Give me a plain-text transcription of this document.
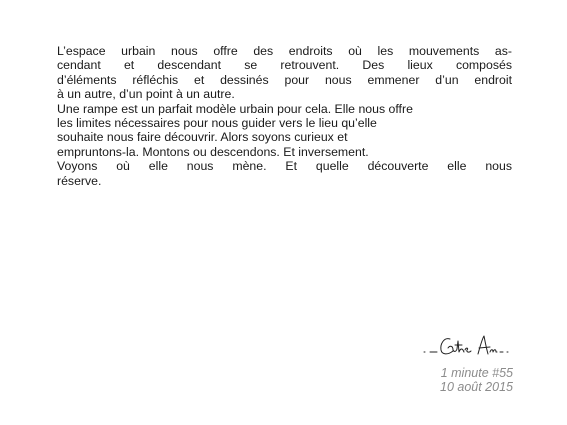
L’espace urbain nous offre des endroits où les mouvements as-

cendant et descendant se retrouvent. Des lieux composés

d’éléments réfléchis et dessinés pour nous emmener d’un endroit

à un autre, d’un point à un autre.

Une rampe est un parfait modèle urbain pour cela. Elle nous offre

les limites nécessaires pour nous guider vers le lieu qu’elle

souhaite nous faire découvrir. Alors soyons curieux et

empruntons-la. Montons ou descendons. Et inversement.

Voyons où elle nous mène. Et quelle découverte elle nous

réserve.

1 minute #55
10 août 2015
